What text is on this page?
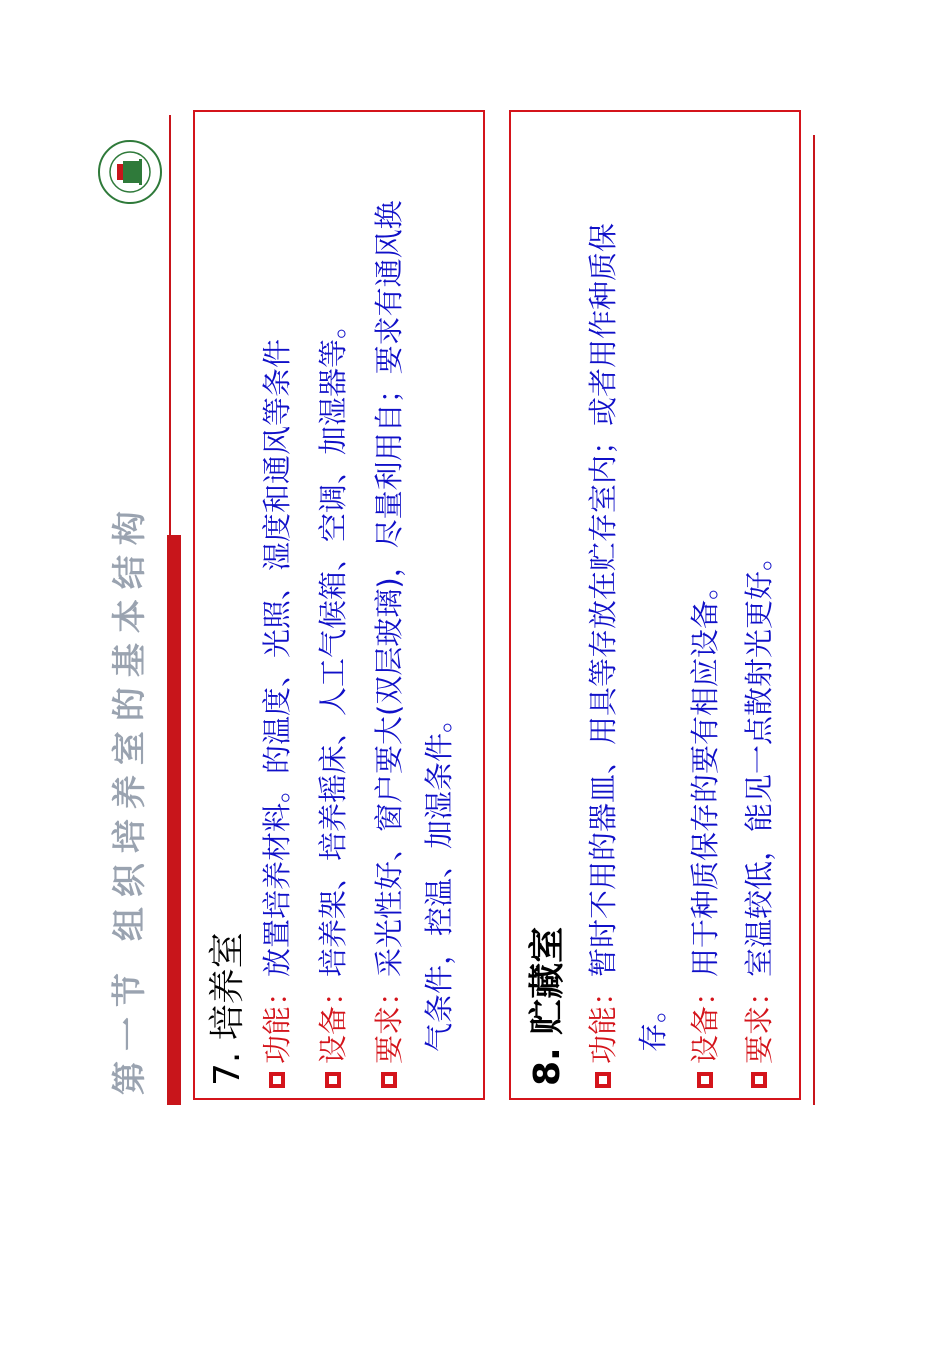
第一节 组织培养室的基本结构 7. 培养室 功能：放置培养材料。的温度、光照、湿度和通风等条件
设备：培养架、培养摇床、人工气候箱、空调、加湿器等。
要求：采光性好、窗户要大(双层玻璃)，尽量利用自；要求有通风换 气条件，控温、加湿条件。 8. 贮藏室 功能：暂时不用的器皿、用具等存放在贮存室内；或者用作种质保
存。 设备：用于种质保存的要有相应设备。
要求：室温较低，能见一点散射光更好。
